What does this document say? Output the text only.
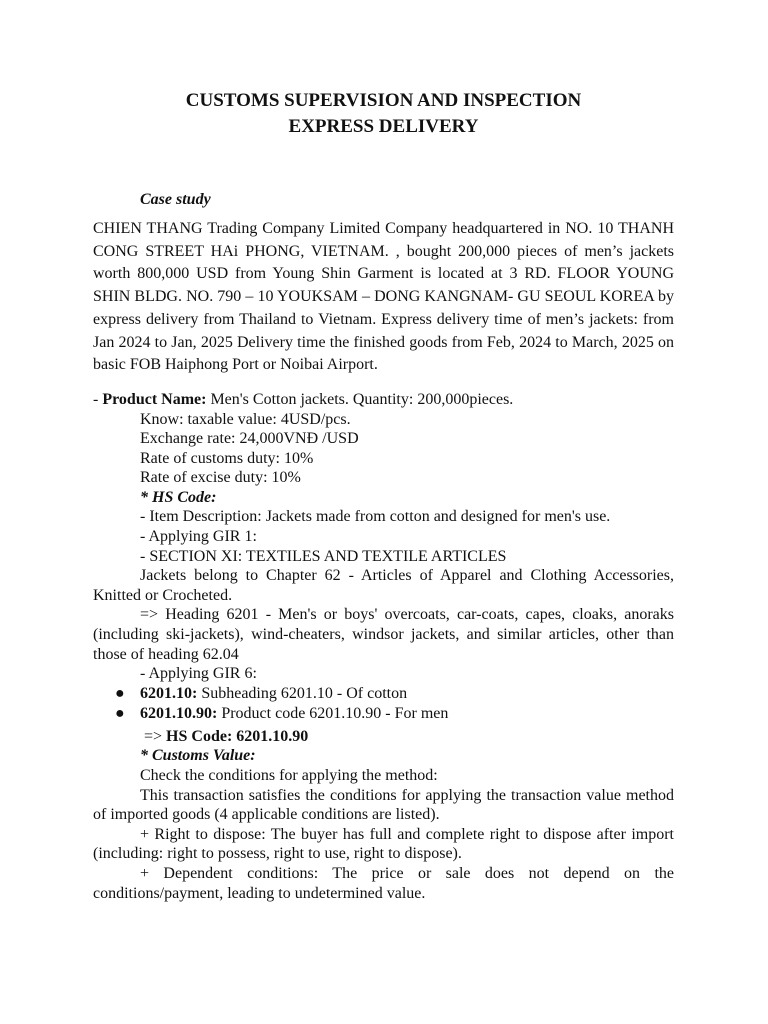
CUSTOMS SUPERVISION AND INSPECTION
EXPRESS DELIVERY
Case study

CHIEN THANG Trading Company Limited Company headquartered in NO. 10 THANH CONG STREET HAi PHONG, VIETNAM. , bought 200,000 pieces of men’s jackets worth 800,000 USD from Young Shin Garment is located at 3 RD. FLOOR YOUNG SHIN BLDG. NO. 790 – 10 YOUKSAM – DONG KANGNAM- GU SEOUL KOREA by express delivery from Thailand to Vietnam. Express delivery time of men’s jackets: from Jan 2024 to Jan, 2025 Delivery time the finished goods from Feb, 2024 to March, 2025 on basic FOB Haiphong Port or Noibai Airport.

- Product Name: Men's Cotton jackets. Quantity: 200,000pieces.
Know: taxable value: 4USD/pcs.
Exchange rate: 24,000VNĐ /USD
Rate of customs duty: 10%
Rate of excise duty: 10%
* HS Code:
- Item Description: Jackets made from cotton and designed for men's use.
- Applying GIR 1:
- SECTION XI: TEXTILES AND TEXTILE ARTICLES
Jackets belong to Chapter 62 - Articles of Apparel and Clothing Accessories, Knitted or Crocheted.
=> Heading 6201 - Men's or boys' overcoats, car-coats, capes, cloaks, anoraks (including ski-jackets), wind-cheaters, windsor jackets, and similar articles, other than those of heading 62.04
- Applying GIR 6:
● 6201.10: Subheading 6201.10 - Of cotton
● 6201.10.90: Product code 6201.10.90 - For men
=> HS Code: 6201.10.90
* Customs Value:
Check the conditions for applying the method:
This transaction satisfies the conditions for applying the transaction value method of imported goods (4 applicable conditions are listed).
+ Right to dispose: The buyer has full and complete right to dispose after import (including: right to possess, right to use, right to dispose).
+ Dependent conditions: The price or sale does not depend on the conditions/payment, leading to undetermined value.
